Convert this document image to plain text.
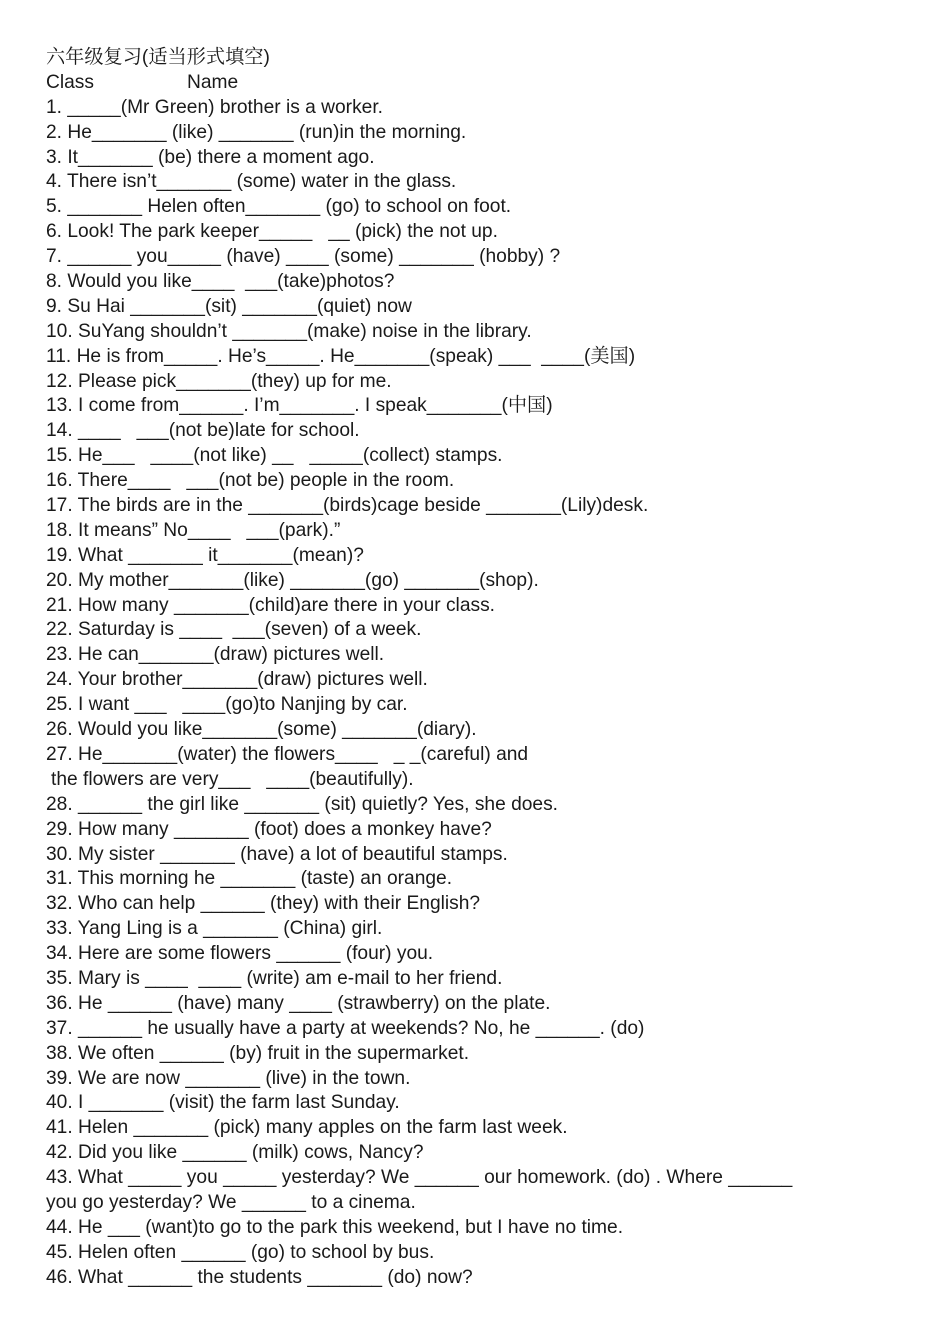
六年级复习(适当形式填空)
Class	Name
1. _____(Mr Green) brother is a worker.
2. He_______ (like) _______ (run)in the morning.
3. It_______ (be) there a moment ago.
4. There isn’t_______ (some) water in the glass.
5. _______ Helen often_______ (go) to school on foot.
6. Look! The park keeper_____   __ (pick) the not up.
7. ______ you_____ (have) ____ (some) _______ (hobby) ?
8. Would you like____  ___(take)photos?
9. Su Hai _______(sit) _______(quiet) now
10. SuYang shouldn’t _______(make) noise in the library.
11. He is from_____. He’s_____. He_______(speak) ___  ____(美国)
12. Please pick_______(they) up for me.
13. I come from______. I’m_______. I speak_______(中国)
14. ____   ___(not be)late for school.
15. He___   ____(not like) __   _____(collect) stamps.
16. There____   ___(not be) people in the room.
17. The birds are in the _______(birds)cage beside _______(Lily)desk.
18. It means” No____   ___(park).”
19. What _______ it_______(mean)?
20. My mother_______(like) _______(go) _______(shop).
21. How many _______(child)are there in your class.
22. Saturday is ____  ___(seven) of a week.
23. He can_______(draw) pictures well.
24. Your brother_______(draw) pictures well.
25. I want ___   ____(go)to Nanjing by car.
26. Would you like_______(some) _______(diary).
27. He_______(water) the flowers____   _ _(careful) and
the flowers are very___   ____(beautifully).
28. ______ the girl like _______ (sit) quietly? Yes, she does.
29. How many _______ (foot) does a monkey have?
30. My sister _______ (have) a lot of beautiful stamps.
31. This morning he _______ (taste) an orange.
32. Who can help ______ (they) with their English?
33. Yang Ling is a _______ (China) girl.
34. Here are some flowers ______ (four) you.
35. Mary is ____  ____ (write) am e-mail to her friend.
36. He ______ (have) many ____ (strawberry) on the plate.
37. ______ he usually have a party at weekends? No, he ______. (do)
38. We often ______ (by) fruit in the supermarket.
39. We are now _______ (live) in the town.
40. I _______ (visit) the farm last Sunday.
41. Helen _______ (pick) many apples on the farm last week.
42. Did you like ______ (milk) cows, Nancy?
43. What _____ you _____ yesterday? We ______ our homework. (do) . Where ______
you go yesterday? We ______ to a cinema.
44. He ___ (want)to go to the park this weekend, but I have no time.
45. Helen often ______ (go) to school by bus.
46. What ______ the students _______ (do) now?
